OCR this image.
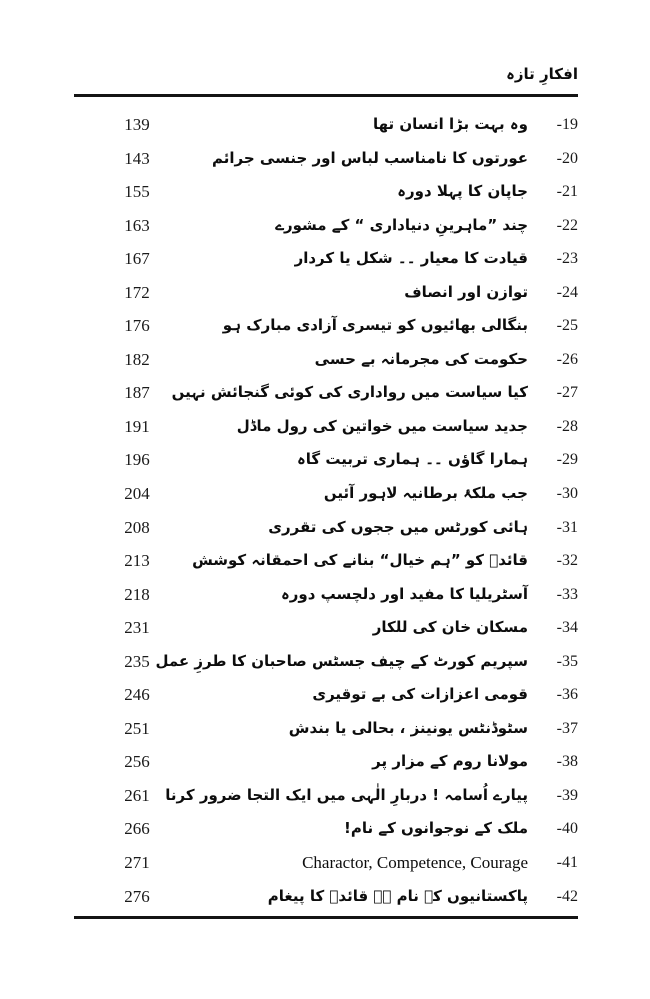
افکارِ تازہ
139	وہ بہت بڑا انسان تھا	-19
143	عورتوں کا نامناسب لباس اور جنسی جرائم	-20
155	جاپان کا پہلا دورہ	-21
163	چند ”ماہرینِ دنیاداری “ کے مشورے	-22
167	قیادت کا معیار ۔۔ شکل یا کردار	-23
172	توازن اور انصاف	-24
176	بنگالی بھائیوں کو تیسری آزادی مبارک ہو	-25
182	حکومت کی مجرمانہ بے حسی	-26
187	کیا سیاست میں رواداری کی کوئی گنجائش نہیں	-27
191	جدید سیاست میں خواتین کی رول ماڈل	-28
196	ہمارا گاؤں ۔۔ ہماری تربیت گاہ	-29
204	جب ملکۂ برطانیہ لاہور آئیں	-30
208	ہائی کورٹس میں ججوں کی تقرری	-31
213	قائدؒ کو ”ہم خیال“ بنانے کی احمقانہ کوشش	-32
218	آسٹریلیا کا مفید اور دلچسپ دورہ	-33
231	مسکان خان کی للکار	-34
235 سپریم کورٹ کے چیف جسٹس صاحبان کا طرزِ عمل	-35
246	قومی اعزازات کی بے توقیری	-36
251	سٹوڈنٹس یونینز ، بحالی یا بندش	-37
256	مولانا روم کے مزار پر	-38
261	پیارے اُسامہ ! دربارِ الٰہی میں ایک التجا ضرور کرنا	-39
266	ملک کے نوجوانوں کے نام!	-40
271	Charactor, Competence, Courage	-41
276	پاکستانیوں کے نام ۔۔ قائدؒ کا پیغام	-42
